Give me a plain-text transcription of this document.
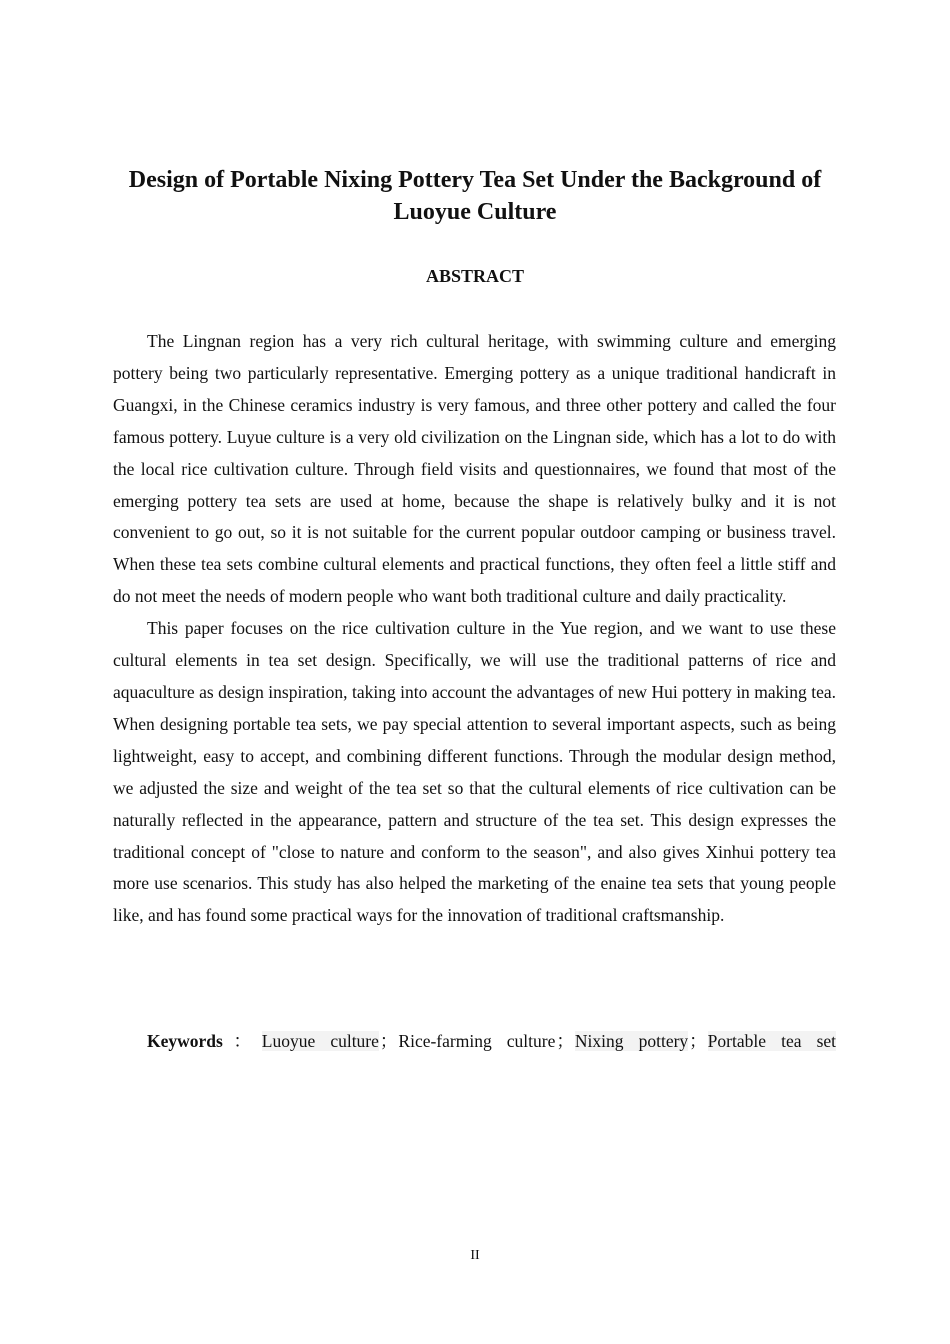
Design of Portable Nixing Pottery Tea Set Under the Background of Luoyue Culture
ABSTRACT

The Lingnan region has a very rich cultural heritage, with swimming culture and emerging pottery being two particularly representative. Emerging pottery as a unique traditional handicraft in Guangxi, in the Chinese ceramics industry is very famous, and three other pottery and called the four famous pottery. Luyue culture is a very old civilization on the Lingnan side, which has a lot to do with the local rice cultivation culture. Through field visits and questionnaires, we found that most of the emerging pottery tea sets are used at home, because the shape is relatively bulky and it is not convenient to go out, so it is not suitable for the current popular outdoor camping or business travel. When these tea sets combine cultural elements and practical functions, they often feel a little stiff and do not meet the needs of modern people who want both traditional culture and daily practicality.

This paper focuses on the rice cultivation culture in the Yue region, and we want to use these cultural elements in tea set design. Specifically, we will use the traditional patterns of rice and aquaculture as design inspiration, taking into account the advantages of new Hui pottery in making tea. When designing portable tea sets, we pay special attention to several important aspects, such as being lightweight, easy to accept, and combining different functions. Through the modular design method, we adjusted the size and weight of the tea set so that the cultural elements of rice cultivation can be naturally reflected in the appearance, pattern and structure of the tea set. This design expresses the traditional concept of "close to nature and conform to the season", and also gives Xinhui pottery tea more use scenarios. This study has also helped the marketing of the enaine tea sets that young people like, and has found some practical ways for the innovation of traditional craftsmanship.

Keywords：Luoyue culture；Rice-farming culture；Nixing pottery；Portable tea set

II
